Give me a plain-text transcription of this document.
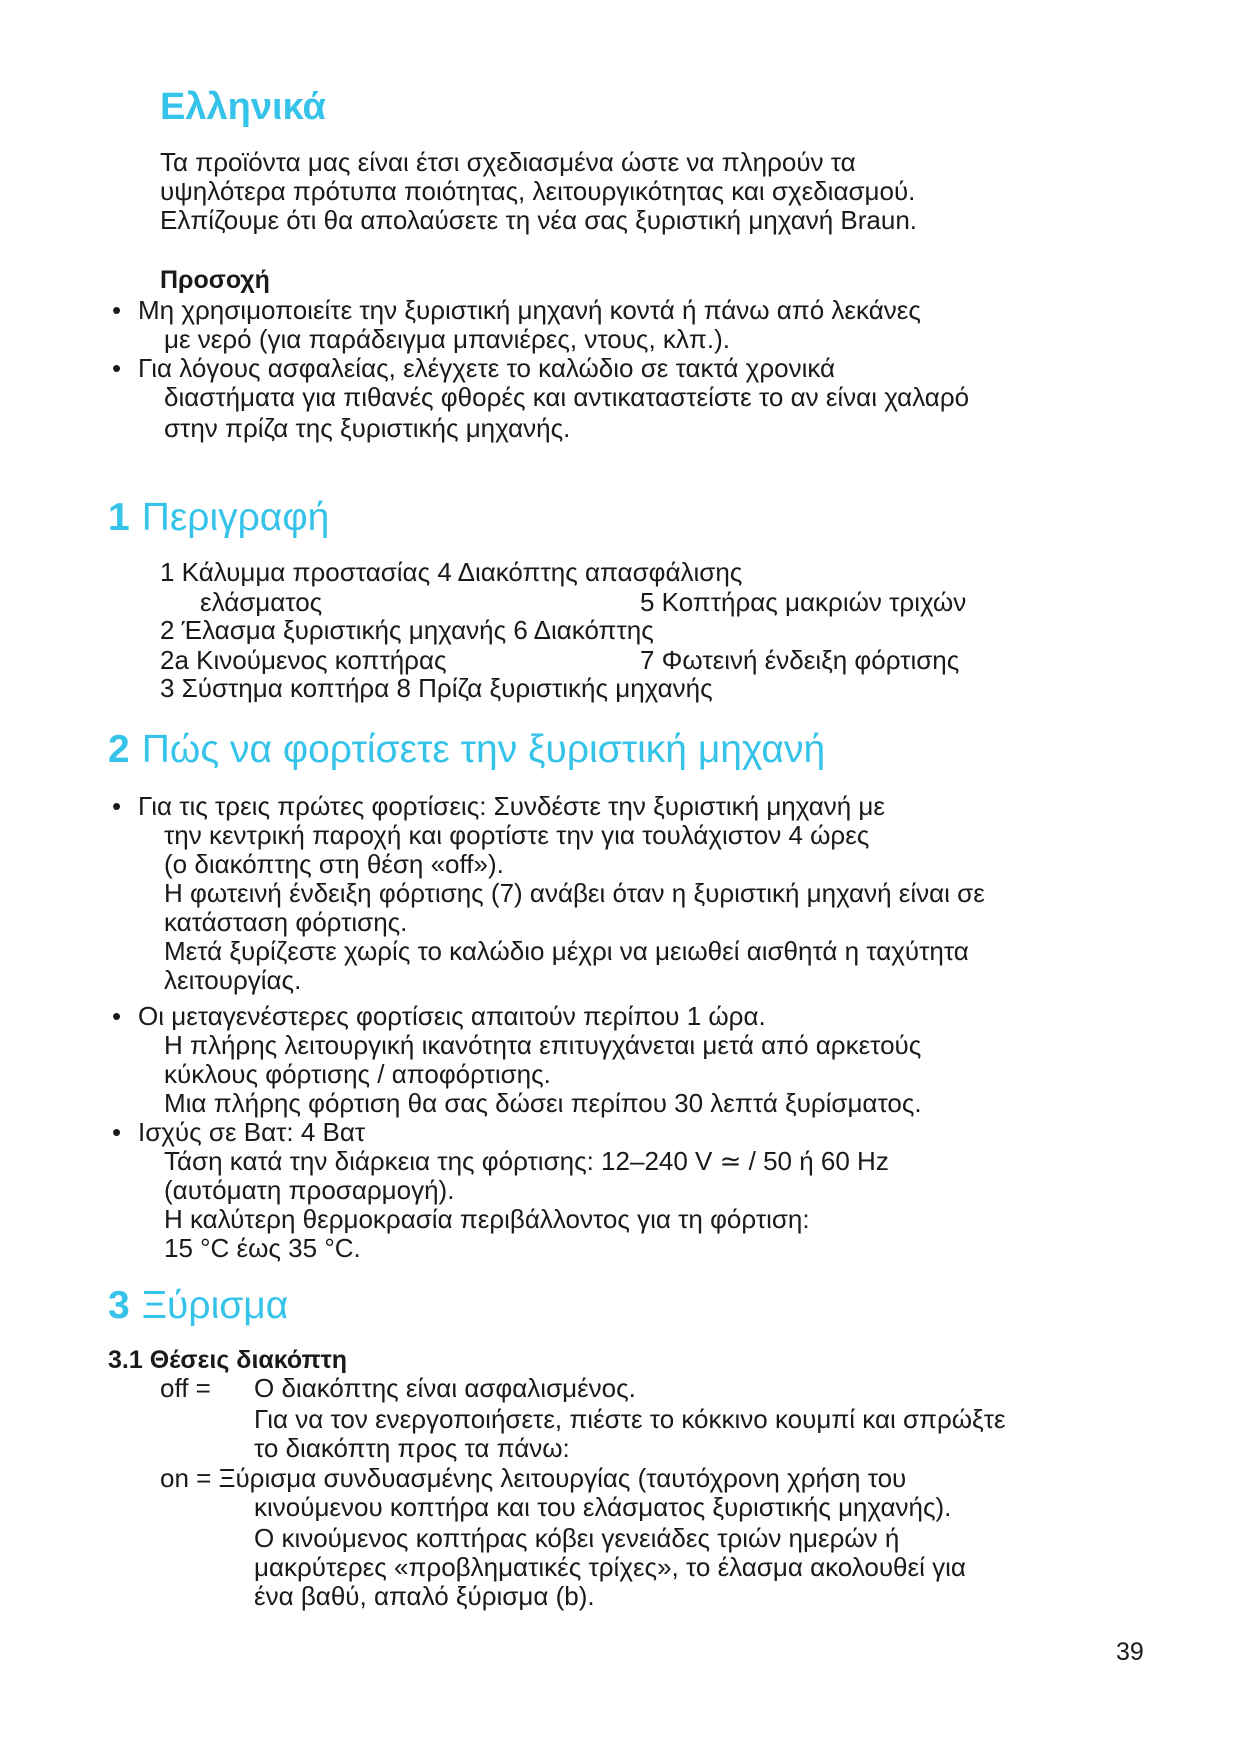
Ελληνικά
Τα προϊόντα μας είναι έτσι σχεδιασμένα ώστε να πληρούν τα
υψηλότερα πρότυπα ποιότητας, λειτουργικότητας και σχεδιασμού.
Ελπίζουμε ότι θα απολαύσετε τη νέα σας ξυριστική μηχανή Braun.
Προσοχή
• Μη χρησιμοποιείτε την ξυριστική μηχανή κοντά ή πάνω από λεκάνες
με νερό (για παράδειγμα μπανιέρες, ντους, κλπ.).
• Για λόγους ασφαλείας, ελέγχετε το καλώδιο σε τακτά χρονικά
διαστήματα για πιθανές φθορές και αντικαταστείστε το αν είναι χαλαρό
στην πρίζα της ξυριστικής μηχανής.
1 Περιγραφή
1 Κάλυμμα προστασίας 4 Διακόπτης απασφάλισης
ελάσματος	5 Κοπτήρας μακριών τριχών
2 Έλασμα ξυριστικής μηχανής 6 Διακόπτης
2a Κινούμενος κοπτήρας	7 Φωτεινή ένδειξη φόρτισης
3 Σύστημα κοπτήρα 8 Πρίζα ξυριστικής μηχανής
2 Πώς να φορτίσετε την ξυριστική μηχανή
• Για τις τρεις πρώτες φορτίσεις: Συνδέστε την ξυριστική μηχανή με
την κεντρική παροχή και φορτίστε την για τουλάχιστον 4 ώρες
(ο διακόπτης στη θέση «off»).
Η φωτεινή ένδειξη φόρτισης (7) ανάβει όταν η ξυριστική μηχανή είναι σε
κατάσταση φόρτισης.
Μετά ξυρίζεστε χωρίς το καλώδιο μέχρι να μειωθεί αισθητά η ταχύτητα
λειτουργίας.
• Οι μεταγενέστερες φορτίσεις απαιτούν περίπου 1 ώρα.
Η πλήρης λειτουργική ικανότητα επιτυγχάνεται μετά από αρκετούς
κύκλους φόρτισης / αποφόρτισης.
Μια πλήρης φόρτιση θα σας δώσει περίπου 30 λεπτά ξυρίσματος.
• Ισχύς σε Βατ: 4 Βατ
Τάση κατά την διάρκεια της φόρτισης: 12–240 V ≃ / 50 ή 60 Hz
(αυτόματη προσαρμογή).
Η καλύτερη θερμοκρασία περιβάλλοντος για τη φόρτιση:
15 °C έως 35 °C.
3 Ξύρισμα
3.1 Θέσεις διακόπτη
off = Ο διακόπτης είναι ασφαλισμένος.
Για να τον ενεργοποιήσετε, πιέστε το κόκκινο κουμπί και σπρώξτε
το διακόπτη προς τα πάνω:
on = Ξύρισμα συνδυασμένης λειτουργίας (ταυτόχρονη χρήση του
κινούμενου κοπτήρα και του ελάσματος ξυριστικής μηχανής).
Ο κινούμενος κοπτήρας κόβει γενειάδες τριών ημερών ή
μακρύτερες «προβληματικές τρίχες», το έλασμα ακολουθεί για
ένα βαθύ, απαλό ξύρισμα (b).
39
